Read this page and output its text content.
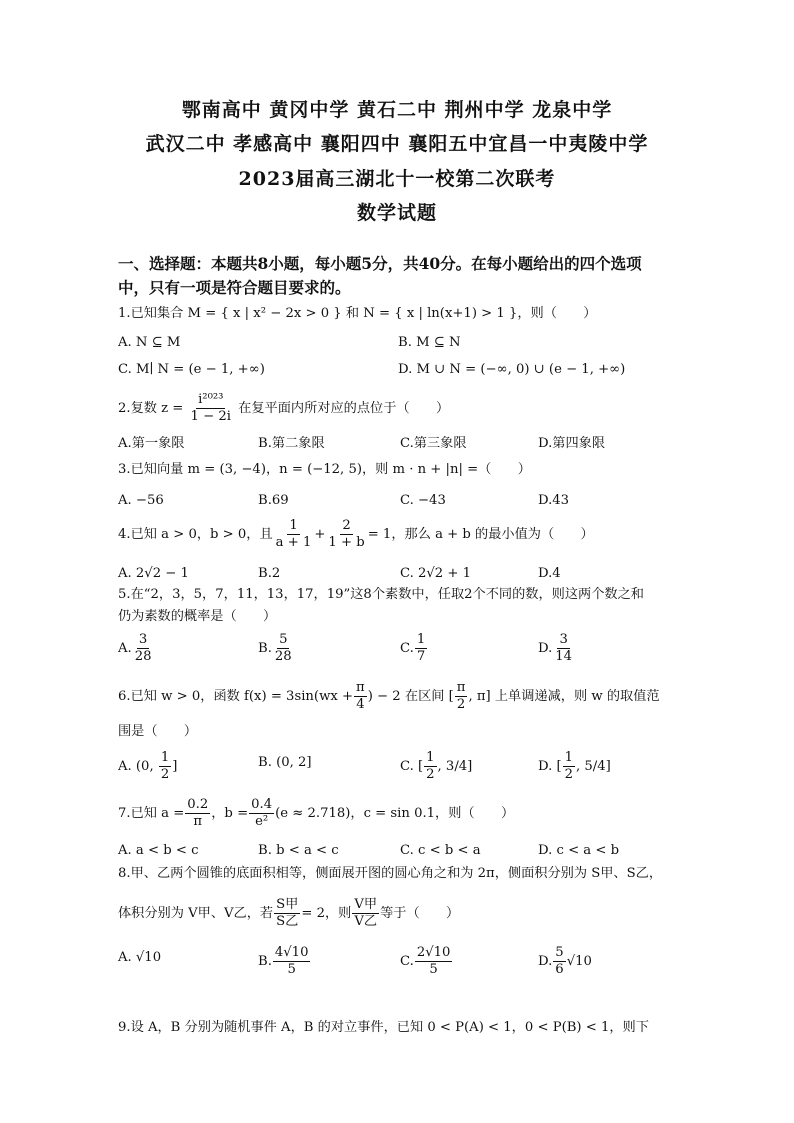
鄂南高中 黄冈中学 黄石二中 荆州中学 龙泉中学
武汉二中 孝感高中 襄阳四中 襄阳五中宜昌一中夷陵中学
2023届高三湖北十一校第二次联考
数学试题
一、选择题：本题共8小题，每小题5分，共40分。在每小题给出的四个选项
中，只有一项是符合题目要求的。
1.已知集合 M = { x | x² − 2x > 0 } 和 N = { x | ln(x+1) > 1 }，则（　　）
A. N ⊆ M	B. M ⊆ N
C. M∣ N = (e − 1, +∞)	D. M ∪ N = (−∞, 0) ∪ (e − 1, +∞)
2.复数 $z = \frac{\text{i²⁰²³}}{1 - 2i}$ 在复平面内所对应的点位于（　　）
A.第一象限	B.第二象限	C.第三象限	D.第四象限
3.已知向量 m = (3, −4)，n = (−12, 5)，则 m · n + |n| =（　　）
A. −56	B.69	C. −43	D.43
4.已知 a > 0，b > 0，且 $\frac{1}{a + 1} + \frac{2}{1 + b} = 1$，那么 a + b 的最小值为（　　）
A. 2√2 − 1	B.2	C. 2√2 + 1	D.4
5.在“2，3，5，7，11，13，17，19”这8个素数中，任取2个不同的数，则这两个数之和
仍为素数的概率是（　　）
A. $\frac{3}{28}$	B. $\frac{5}{28}$	C. $\frac{1}{7}$	D. $\frac{3}{14}$
6.已知 w > 0，函数 $f(x) = 3\sin(wx + \frac{\pi}{4}$ ) − 2 在区间 [ $\frac{\pi}{2}$ , π] 上单调递减，则 w 的取值范
围是（　　）
A. (0, $\frac{1}{2}$ ]	B. (0, 2]	C. [ $\frac{1}{2}$ , 3/4]	D. [ $\frac{1}{2}$ , 5/4]
7.已知 $a = \frac{0.2}{\pi}$ ，$b = \frac{0.4}{\text{e²}} (e \approx 2.718)$，c = sin 0.1，则（　　）
A. a < b < c	B. b < a < c	C. c < b < a	D. c < a < b
8.甲、乙两个圆锥的底面积相等，侧面展开图的圆心角之和为 2π，侧面积分别为 S甲、S乙，
体积分别为 V甲、V乙，若 $\frac{\text{S甲}}{\text{S乙}} = 2$，则 $\frac{\text{V甲}}{\text{V乙}}$ 等于（　　）
A. √10	B. $\frac{4√10}{5}$	C. $\frac{2√10}{5}$	D. $\frac{5}{6} √10$
9.设 A，B 分别为随机事件 A，B 的对立事件，已知 0 < P(A) < 1，0 < P(B) < 1，则下
